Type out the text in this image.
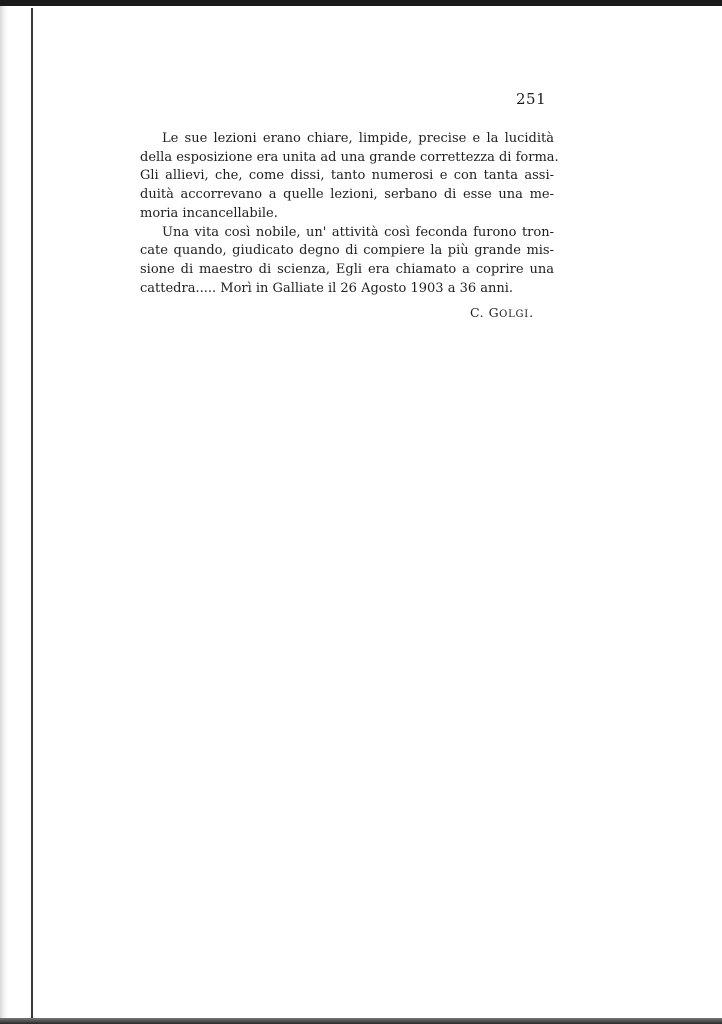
251
Le sue lezioni erano chiare, limpide, precise e la lucidità
della esposizione era unita ad una grande correttezza di forma.
Gli allievi, che, come dissi, tanto numerosi e con tanta assi-
duità accorrevano a quelle lezioni, serbano di esse una me-
moria incancellabile.
Una vita così nobile, un' attività così feconda furono tron-
cate quando, giudicato degno di compiere la più grande mis-
sione di maestro di scienza, Egli era chiamato a coprire una
cattedra..... Morì in Galliate il 26 Agosto 1903 a 36 anni.
C. GOLGI.
